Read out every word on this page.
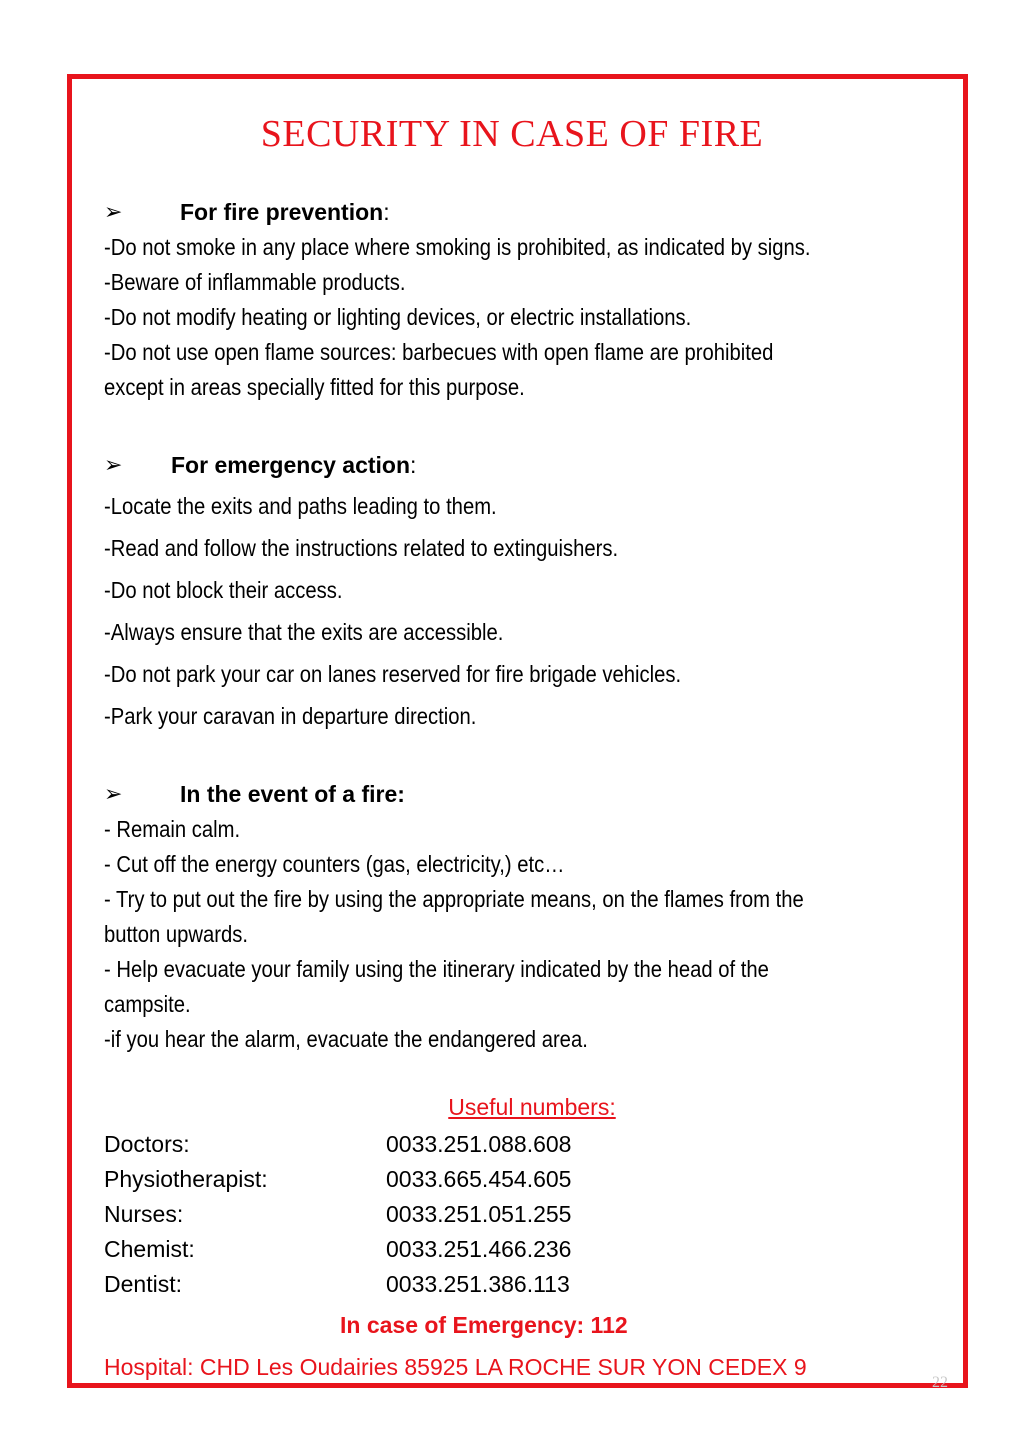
SECURITY IN CASE OF FIRE
➢	For fire prevention:
-Do not smoke in any place where smoking is prohibited, as indicated by signs.
-Beware of inflammable products.
-Do not modify heating or lighting devices, or electric installations.
-Do not use open flame sources: barbecues with open flame are prohibited
except in areas specially fitted for this purpose.
➢ For emergency action:
-Locate the exits and paths leading to them.
-Read and follow the instructions related to extinguishers.
-Do not block their access.
-Always ensure that the exits are accessible.
-Do not park your car on lanes reserved for fire brigade vehicles.
-Park your caravan in departure direction.
➢	In the event of a fire:
- Remain calm.
- Cut off the energy counters (gas, electricity,) etc…
- Try to put out the fire by using the appropriate means, on the flames from the
button upwards.
- Help evacuate your family using the itinerary indicated by the head of the
campsite.
-if you hear the alarm, evacuate the endangered area.
Useful numbers:
Doctors:	0033.251.088.608
Physiotherapist:	0033.665.454.605
Nurses:	0033.251.051.255
Chemist:	0033.251.466.236
Dentist:	0033.251.386.113
In case of Emergency: 112
Hospital: CHD Les Oudairies 85925 LA ROCHE SUR YON CEDEX 9
22
